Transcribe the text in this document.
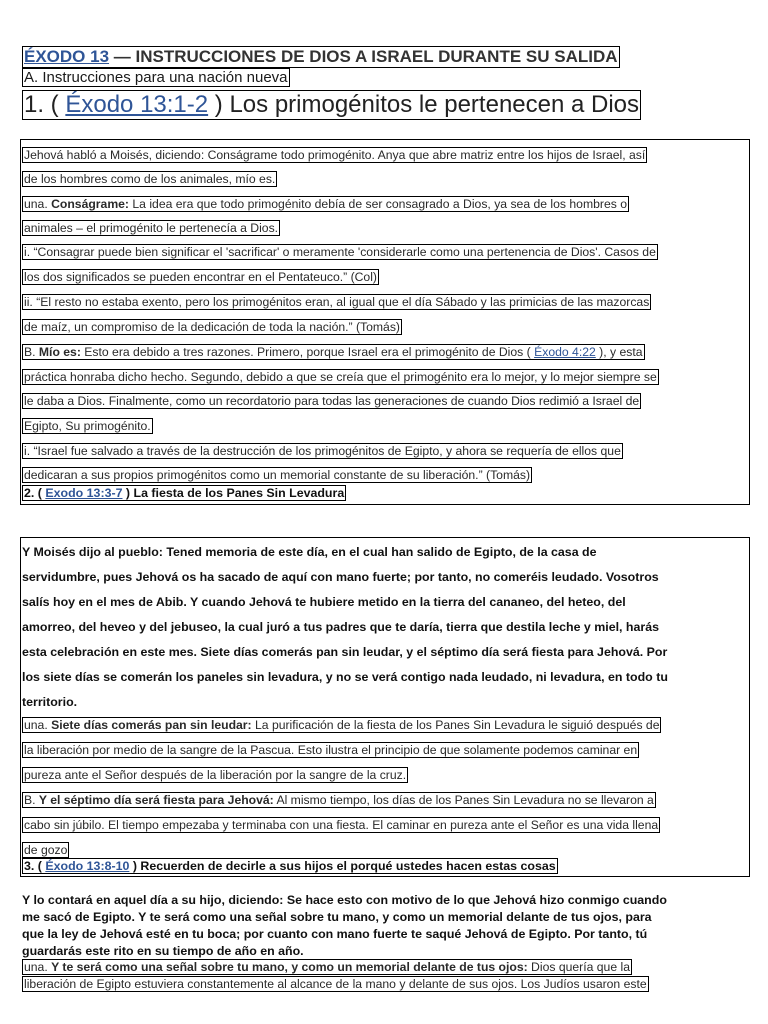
ÉXODO 13 — INSTRUCCIONES DE DIOS A ISRAEL DURANTE SU SALIDA
A. Instrucciones para una nación nueva
1. ( Éxodo 13:1-2 ) Los primogénitos le pertenecen a Dios
Jehová habló a Moisés, diciendo: Conságrame todo primogénito. Anya que abre matriz entre los hijos de Israel, así
de los hombres como de los animales, mío es.
una. Conságrame: La idea era que todo primogénito debía de ser consagrado a Dios, ya sea de los hombres o
animales – el primogénito le pertenecía a Dios.
i. “Consagrar puede bien significar el 'sacrificar' o meramente 'considerarle como una pertenencia de Dios'. Casos de
los dos significados se pueden encontrar en el Pentateuco.” (Col)
ii. “El resto no estaba exento, pero los primogénitos eran, al igual que el día Sábado y las primicias de las mazorcas
de maíz, un compromiso de la dedicación de toda la nación.” (Tomás)
B. Mío es: Esto era debido a tres razones. Primero, porque Israel era el primogénito de Dios ( Éxodo 4:22 ), y esta
práctica honraba dicho hecho. Segundo, debido a que se creía que el primogénito era lo mejor, y lo mejor siempre se
le daba a Dios. Finalmente, como un recordatorio para todas las generaciones de cuando Dios redimió a Israel de
Egipto, Su primogénito.
i. “Israel fue salvado a través de la destrucción de los primogénitos de Egipto, y ahora se requería de ellos que
dedicaran a sus propios primogénitos como un memorial constante de su liberación.” (Tomás)
2. ( Exodo 13:3-7 ) La fiesta de los Panes Sin Levadura
Y Moisés dijo al pueblo: Tened memoria de este día, en el cual han salido de Egipto, de la casa de
servidumbre, pues Jehová os ha sacado de aquí con mano fuerte; por tanto, no comeréis leudado. Vosotros
salís hoy en el mes de Abib. Y cuando Jehová te hubiere metido en la tierra del cananeo, del heteo, del
amorreo, del heveo y del jebuseo, la cual juró a tus padres que te daría, tierra que destila leche y miel, harás
esta celebración en este mes. Siete días comerás pan sin leudar, y el séptimo día será fiesta para Jehová. Por
los siete días se comerán los paneles sin levadura, y no se verá contigo nada leudado, ni levadura, en todo tu
territorio.
una. Siete días comerás pan sin leudar: La purificación de la fiesta de los Panes Sin Levadura le siguió después de
la liberación por medio de la sangre de la Pascua. Esto ilustra el principio de que solamente podemos caminar en
pureza ante el Señor después de la liberación por la sangre de la cruz.
B. Y el séptimo día será fiesta para Jehová: Al mismo tiempo, los días de los Panes Sin Levadura no se llevaron a
cabo sin júbilo. El tiempo empezaba y terminaba con una fiesta. El caminar en pureza ante el Señor es una vida llena
de gozo
3. ( Éxodo 13:8-10 ) Recuerden de decirle a sus hijos el porqué ustedes hacen estas cosas
Y lo contará en aquel día a su hijo, diciendo: Se hace esto con motivo de lo que Jehová hizo conmigo cuando
me sacó de Egipto. Y te será como una señal sobre tu mano, y como un memorial delante de tus ojos, para
que la ley de Jehová esté en tu boca; por cuanto con mano fuerte te saqué Jehová de Egipto. Por tanto, tú
guardarás este rito en su tiempo de año en año.
una. Y te será como una señal sobre tu mano, y como un memorial delante de tus ojos: Dios quería que la
liberación de Egipto estuviera constantemente al alcance de la mano y delante de sus ojos. Los Judíos usaron este
